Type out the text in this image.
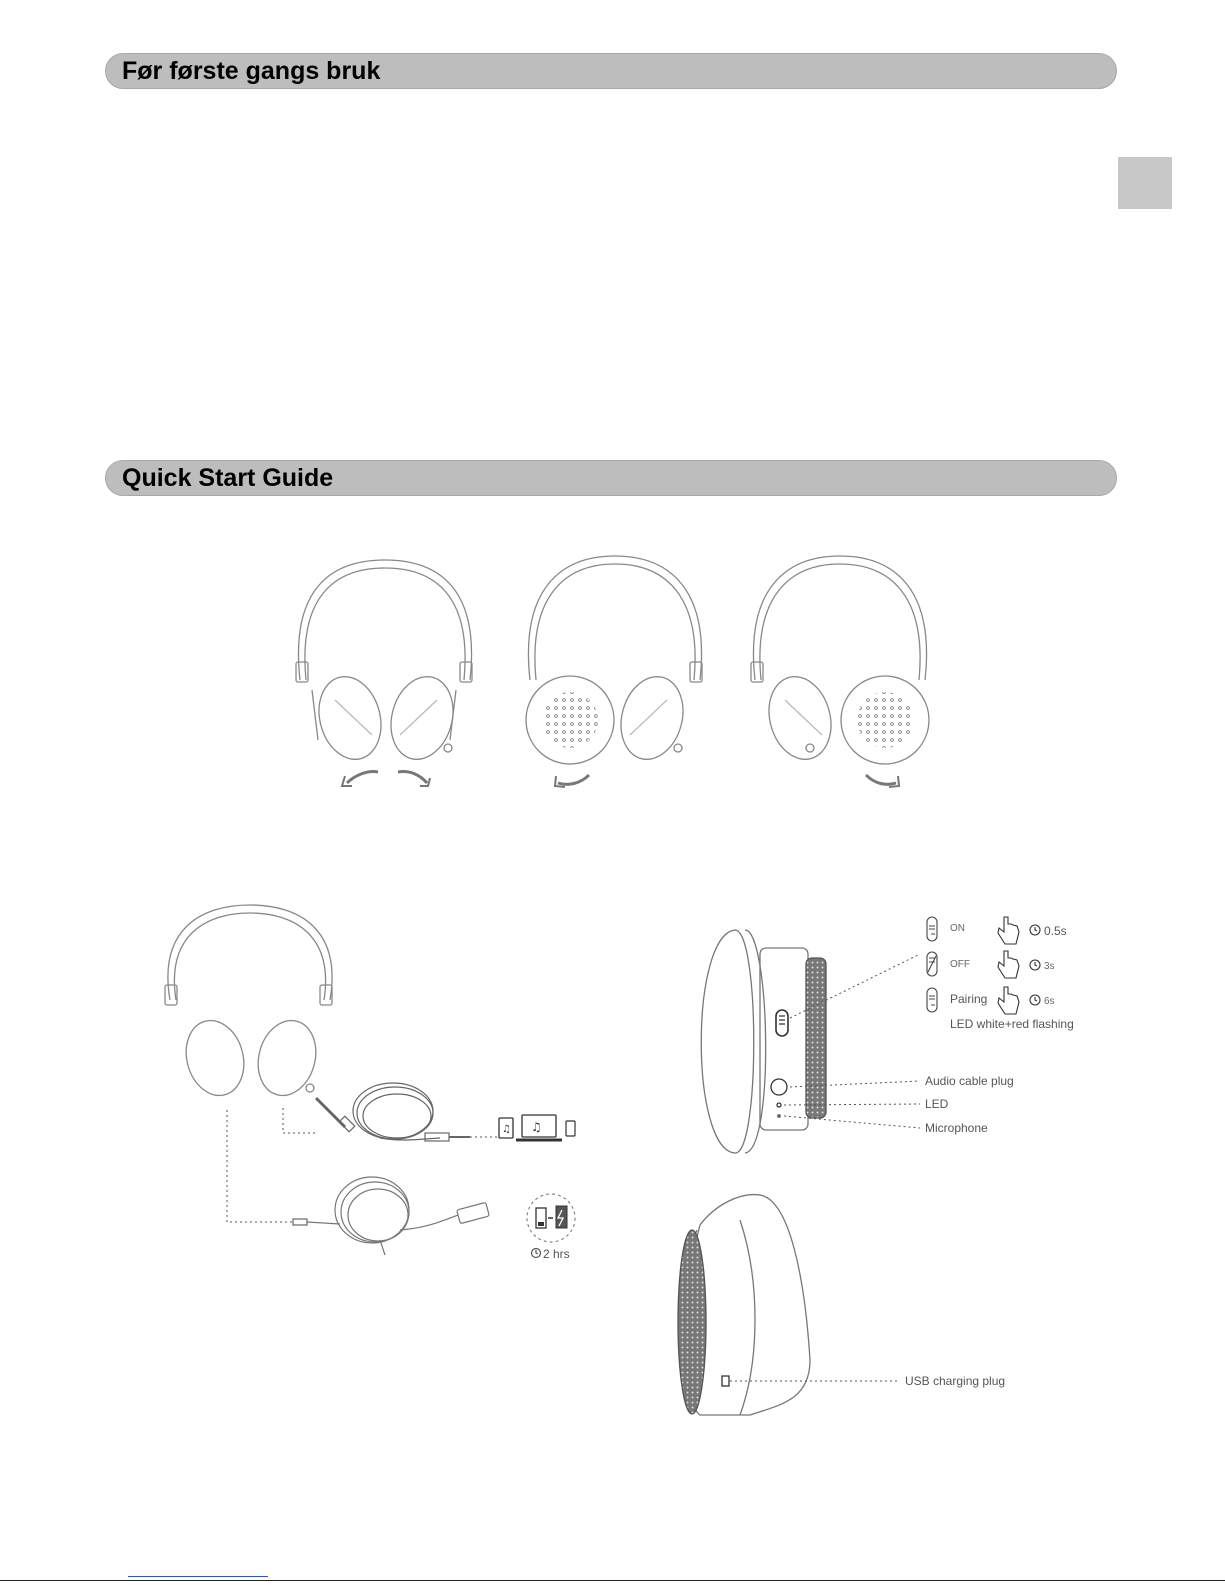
Før første gangs bruk
Quick Start Guide
♫ ♫
2 hrs
ON
OFF
Pairing
0.5s
3s
6s
LED white+red flashing
Audio cable plug
LED
Microphone
USB charging plug
